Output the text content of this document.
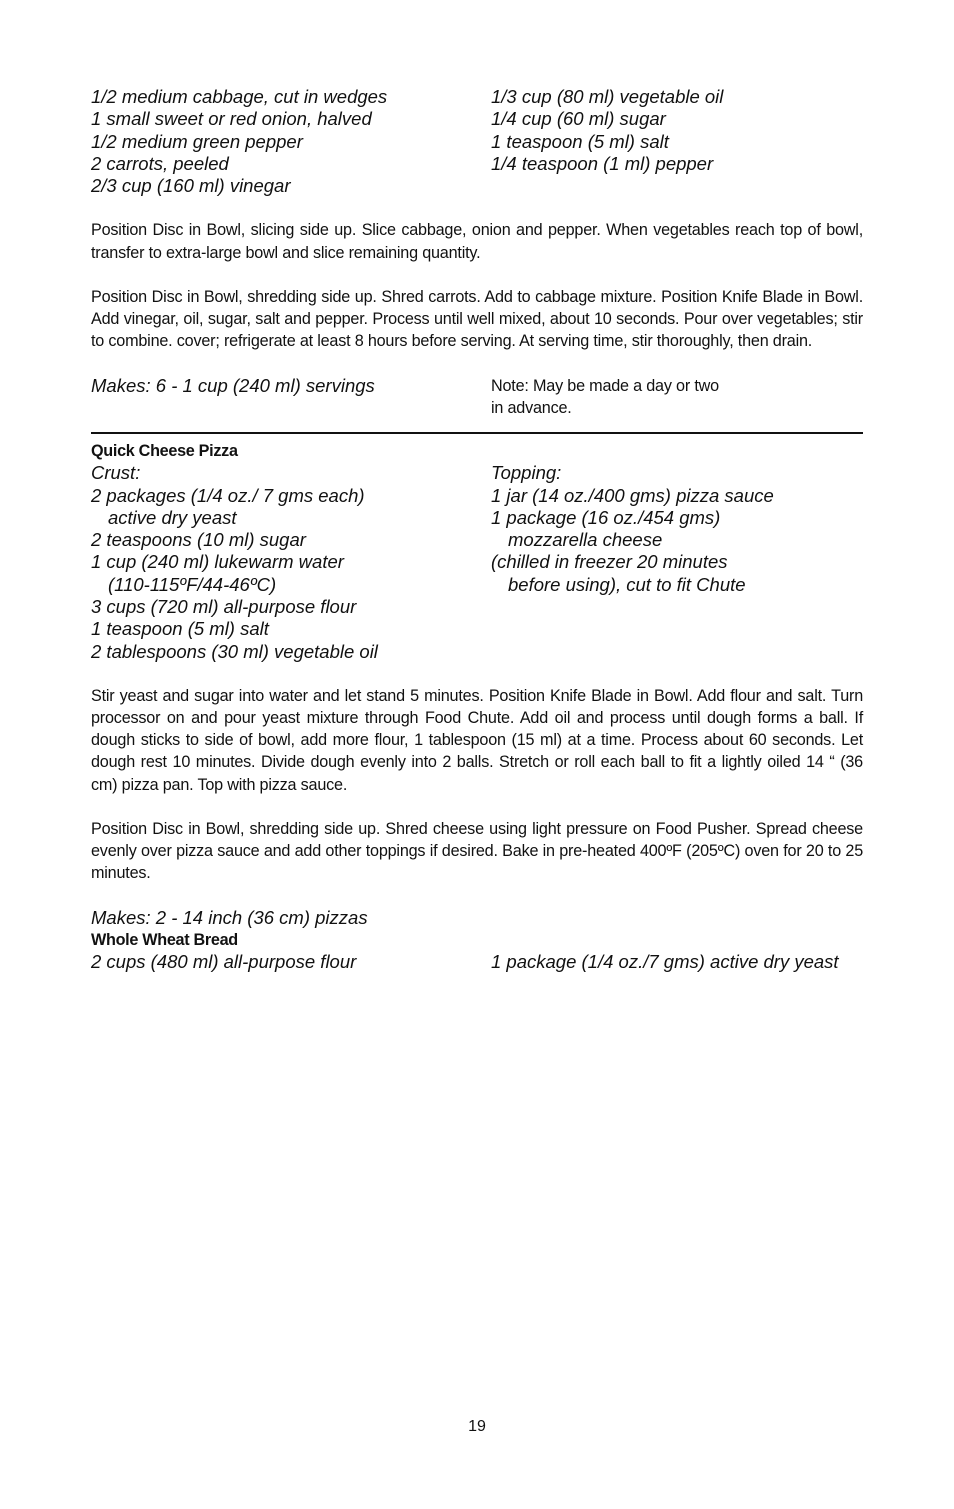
1/2 medium cabbage, cut in wedges
1 small sweet or red onion, halved
1/2 medium green pepper
2 carrots, peeled
2/3 cup (160 ml) vinegar
1/3 cup (80 ml) vegetable oil
1/4 cup (60 ml) sugar
1 teaspoon (5 ml) salt
1/4 teaspoon (1 ml) pepper

Position Disc in Bowl, slicing side up. Slice cabbage, onion and pepper. When vegetables reach top of bowl, transfer to extra-large bowl and slice remaining quantity.

Position Disc in Bowl, shredding side up. Shred carrots. Add to cabbage mixture. Position Knife Blade in Bowl. Add vinegar, oil, sugar, salt and pepper. Process until well mixed, about 10 seconds. Pour over vegetables; stir to combine. cover; refrigerate at least 8 hours before serving. At serving time, stir thoroughly, then drain.

Makes: 6 - 1 cup (240 ml) servings	Note: May be made a day or two
in advance.
Quick Cheese Pizza
Crust:
2 packages (1/4 oz./ 7 gms each)
active dry yeast
2 teaspoons (10 ml) sugar
1 cup (240 ml) lukewarm water
(110-115ºF/44-46ºC)
3 cups (720 ml) all-purpose flour
1 teaspoon (5 ml) salt
2 tablespoons (30 ml) vegetable oil
Topping:
1 jar (14 oz./400 gms) pizza sauce
1 package (16 oz./454 gms)
mozzarella cheese
(chilled in freezer 20 minutes
before using), cut to fit Chute

Stir yeast and sugar into water and let stand 5 minutes. Position Knife Blade in Bowl. Add flour and salt. Turn processor on and pour yeast mixture through Food Chute. Add oil and process until dough forms a ball. If dough sticks to side of bowl, add more flour, 1 tablespoon (15 ml) at a time. Process about 60 seconds. Let dough rest 10 minutes. Divide dough evenly into 2 balls. Stretch or roll each ball to fit a lightly oiled 14 “ (36 cm) pizza pan. Top with pizza sauce.

Position Disc in Bowl, shredding side up. Shred cheese using light pressure on Food Pusher. Spread cheese evenly over pizza sauce and add other toppings if desired. Bake in pre-heated 400ºF (205ºC) oven for 20 to 25 minutes.

Makes: 2 - 14 inch (36 cm) pizzas
Whole Wheat Bread
2 cups (480 ml) all-purpose flour	1 package (1/4 oz./7 gms) active dry yeast
19
